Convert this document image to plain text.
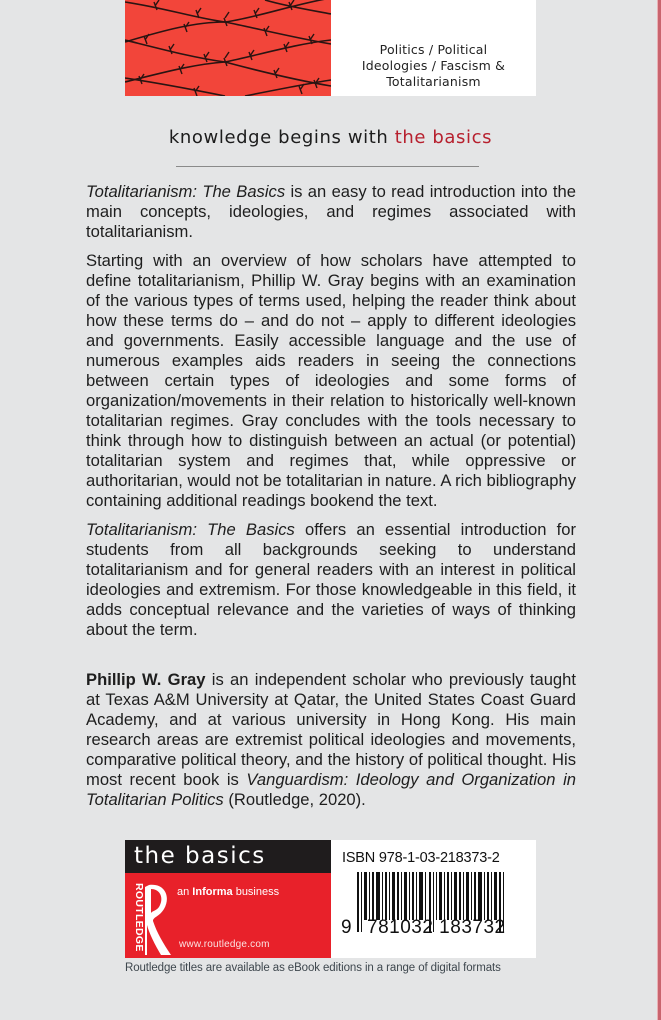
Politics / Political
Ideologies / Fascism &
Totalitarianism
knowledge begins with the basics

Totalitarianism: The Basics is an easy to read introduction into the main concepts, ideologies, and regimes associated with totalitarianism.

Starting with an overview of how scholars have attempted to define totalitarianism, Phillip W. Gray begins with an examination of the various types of terms used, helping the reader think about how these terms do – and do not – apply to different ideologies and governments. Easily accessible language and the use of numerous examples aids readers in seeing the connections between certain types of ideologies and some forms of organization/movements in their relation to historically well-known totalitarian regimes. Gray concludes with the tools necessary to think through how to distinguish between an actual (or potential) totalitarian system and regimes that, while oppressive or authoritarian, would not be totalitarian in nature. A rich bibliography containing additional readings bookend the text.

Totalitarianism: The Basics offers an essential introduction for students from all backgrounds seeking to understand totalitarianism and for general readers with an interest in political ideologies and extremism. For those knowledgeable in this field, it adds conceptual relevance and the varieties of ways of thinking about the term.

Phillip W. Gray is an independent scholar who previously taught at Texas A&M University at Qatar, the United States Coast Guard Academy, and at various university in Hong Kong. His main research areas are extremist political ideologies and movements, comparative political theory, and the history of political thought. His most recent book is Vanguardism: Ideology and Organization in Totalitarian Politics (Routledge, 2020).

the basics
ROUTLEDGE	an Informa business
www.routledge.com
ISBN 978-1-03-218373-2
9 781032 183732
Routledge titles are available as eBook editions in a range of digital formats
